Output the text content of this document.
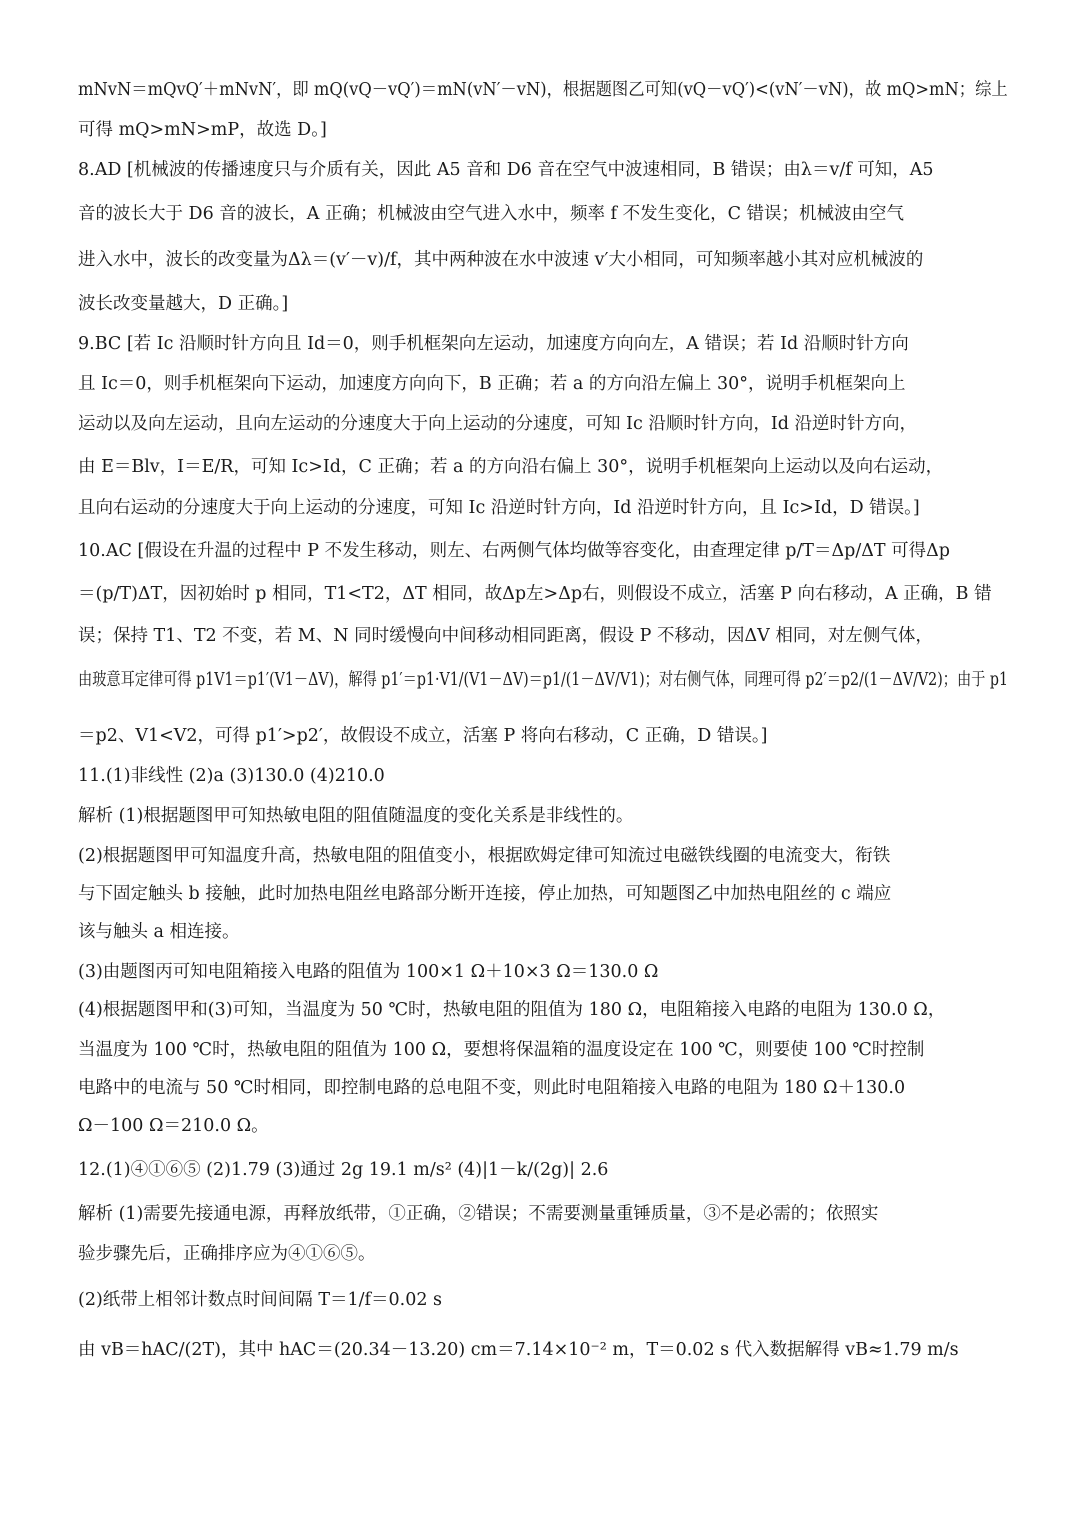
mNvN＝mQvQ′＋mNvN′，即 mQ(vQ－vQ′)＝mN(vN′－vN)，根据题图乙可知(vQ－vQ′)<(vN′－vN)，故 mQ>mN；综上
可得 mQ>mN>mP，故选 D。]
8.AD [机械波的传播速度只与介质有关，因此 A5 音和 D6 音在空气中波速相同，B 错误；由λ＝v/f 可知，A5
音的波长大于 D6 音的波长，A 正确；机械波由空气进入水中，频率 f 不发生变化，C 错误；机械波由空气
进入水中，波长的改变量为Δλ＝(v′－v)/f，其中两种波在水中波速 v′大小相同，可知频率越小其对应机械波的
波长改变量越大，D 正确。]
9.BC [若 Ic 沿顺时针方向且 Id＝0，则手机框架向左运动，加速度方向向左，A 错误；若 Id 沿顺时针方向
且 Ic＝0，则手机框架向下运动，加速度方向向下，B 正确；若 a 的方向沿左偏上 30°，说明手机框架向上
运动以及向左运动，且向左运动的分速度大于向上运动的分速度，可知 Ic 沿顺时针方向，Id 沿逆时针方向，
由 E＝Blv，I＝E/R，可知 Ic>Id，C 正确；若 a 的方向沿右偏上 30°，说明手机框架向上运动以及向右运动，
且向右运动的分速度大于向上运动的分速度，可知 Ic 沿逆时针方向，Id 沿逆时针方向，且 Ic>Id，D 错误。]
10.AC [假设在升温的过程中 P 不发生移动，则左、右两侧气体均做等容变化，由查理定律 p/T＝Δp/ΔT 可得Δp
＝(p/T)ΔT，因初始时 p 相同，T1<T2，ΔT 相同，故Δp左>Δp右，则假设不成立，活塞 P 向右移动，A 正确，B 错
误；保持 T1、T2 不变，若 M、N 同时缓慢向中间移动相同距离，假设 P 不移动，因ΔV 相同，对左侧气体，
由玻意耳定律可得 p1V1＝p1′(V1－ΔV)，解得 p1′＝p1·V1/(V1－ΔV)＝p1/(1－ΔV/V1)；对右侧气体，同理可得 p2′＝p2/(1－ΔV/V2)；由于 p1
＝p2、V1<V2，可得 p1′>p2′，故假设不成立，活塞 P 将向右移动，C 正确，D 错误。]
11.(1)非线性 (2)a (3)130.0 (4)210.0
解析 (1)根据题图甲可知热敏电阻的阻值随温度的变化关系是非线性的。
(2)根据题图甲可知温度升高，热敏电阻的阻值变小，根据欧姆定律可知流过电磁铁线圈的电流变大，衔铁
与下固定触头 b 接触，此时加热电阻丝电路部分断开连接，停止加热，可知题图乙中加热电阻丝的 c 端应
该与触头 a 相连接。
(3)由题图丙可知电阻箱接入电路的阻值为 100×1 Ω＋10×3 Ω＝130.0 Ω
(4)根据题图甲和(3)可知，当温度为 50 ℃时，热敏电阻的阻值为 180 Ω，电阻箱接入电路的电阻为 130.0 Ω，
当温度为 100 ℃时，热敏电阻的阻值为 100 Ω，要想将保温箱的温度设定在 100 ℃，则要使 100 ℃时控制
电路中的电流与 50 ℃时相同，即控制电路的总电阻不变，则此时电阻箱接入电路的电阻为 180 Ω＋130.0
Ω－100 Ω＝210.0 Ω。
12.(1)④①⑥⑤ (2)1.79 (3)通过 2g 19.1 m/s² (4)|1－k/(2g)| 2.6
解析 (1)需要先接通电源，再释放纸带，①正确，②错误；不需要测量重锤质量，③不是必需的；依照实
验步骤先后，正确排序应为④①⑥⑤。
(2)纸带上相邻计数点时间间隔 T＝1/f＝0.02 s
由 vB＝hAC/(2T)，其中 hAC＝(20.34－13.20) cm＝7.14×10⁻² m，T＝0.02 s 代入数据解得 vB≈1.79 m/s
